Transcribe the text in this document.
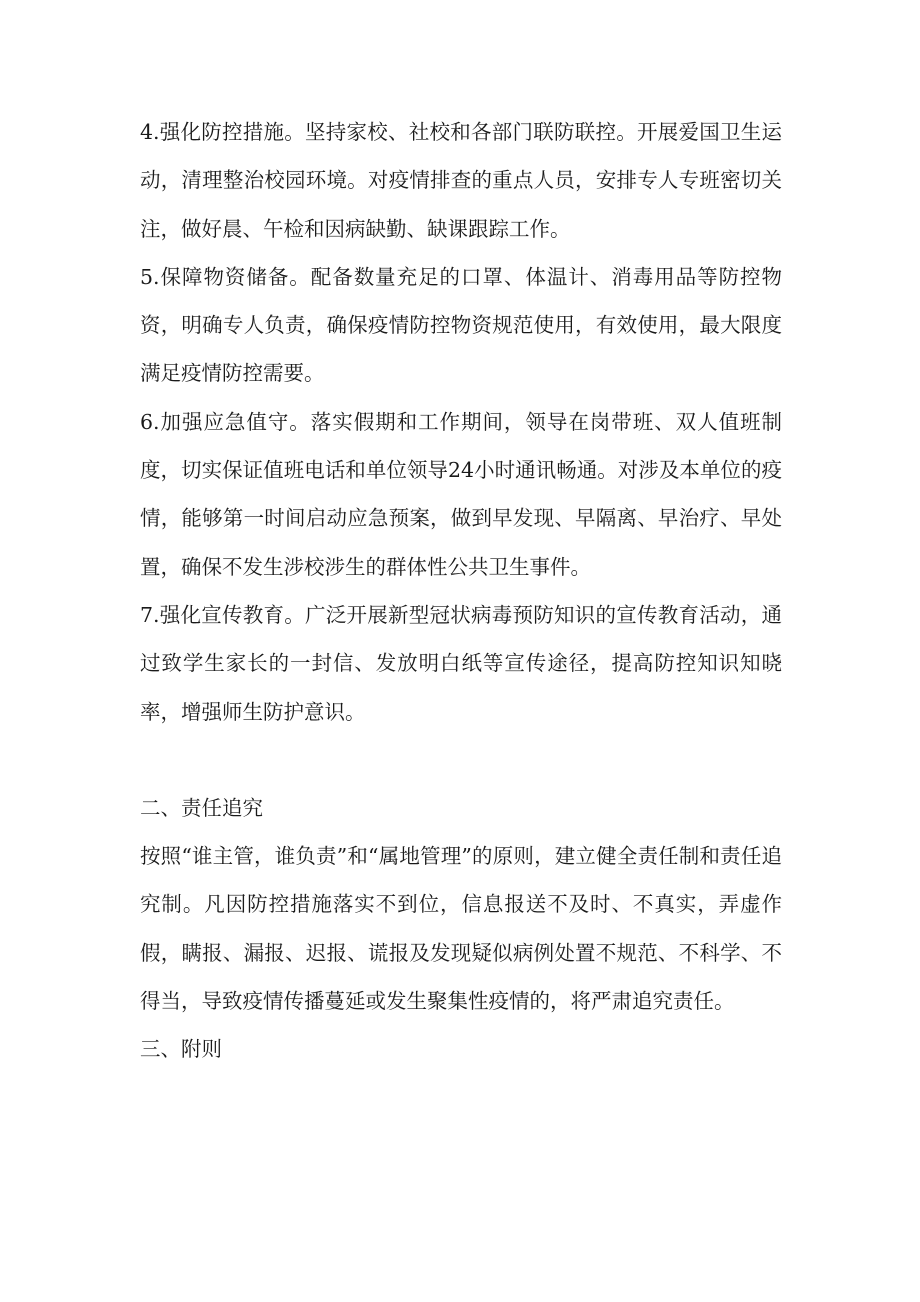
4.强化防控措施。坚持家校、社校和各部门联防联控。开展爱国卫生运动，清理整治校园环境。对疫情排查的重点人员，安排专人专班密切关注，做好晨、午检和因病缺勤、缺课跟踪工作。

5.保障物资储备。配备数量充足的口罩、体温计、消毒用品等防控物资，明确专人负责，确保疫情防控物资规范使用，有效使用，最大限度满足疫情防控需要。

6.加强应急值守。落实假期和工作期间，领导在岗带班、双人值班制度，切实保证值班电话和单位领导24小时通讯畅通。对涉及本单位的疫情，能够第一时间启动应急预案，做到早发现、早隔离、早治疗、早处置，确保不发生涉校涉生的群体性公共卫生事件。

7.强化宣传教育。广泛开展新型冠状病毒预防知识的宣传教育活动，通过致学生家长的一封信、发放明白纸等宣传途径，提高防控知识知晓率，增强师生防护意识。

二、责任追究

按照“谁主管，谁负责”和“属地管理”的原则，建立健全责任制和责任追究制。凡因防控措施落实不到位，信息报送不及时、不真实，弄虚作假，瞒报、漏报、迟报、谎报及发现疑似病例处置不规范、不科学、不得当，导致疫情传播蔓延或发生聚集性疫情的，将严肃追究责任。

三、附则
